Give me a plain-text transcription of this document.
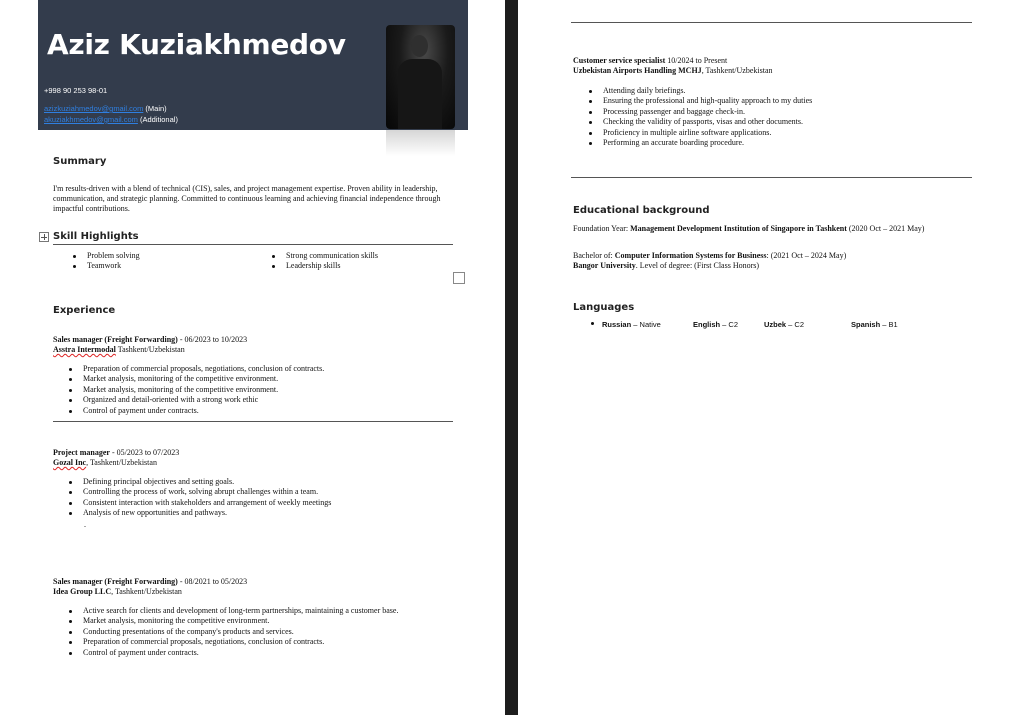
Aziz Kuziakhmedov
+998 90 253 98-01
azizkuziahmedov@gmail.com (Main)
akuziakhmedov@gmail.com (Additional)
Summary
I'm results-driven with a blend of technical (CIS), sales, and project management expertise. Proven ability in leadership, communication, and strategic planning. Committed to continuous learning and achieving financial independence through impactful contributions.
Skill Highlights
Problem solving
Teamwork
Strong communication skills
Leadership skills
Experience
Sales manager (Freight Forwarding) - 06/2023 to 10/2023
Asstra Intermodal Tashkent/Uzbekistan
Preparation of commercial proposals, negotiations, conclusion of contracts.
Market analysis, monitoring of the competitive environment.
Market analysis, monitoring of the competitive environment.
Organized and detail-oriented with a strong work ethic
Control of payment under contracts.
Project manager - 05/2023 to 07/2023
Gozal Inc, Tashkent/Uzbekistan
Defining principal objectives and setting goals.
Controlling the process of work, solving abrupt challenges within a team.
Consistent interaction with stakeholders and arrangement of weekly meetings
Analysis of new opportunities and pathways.
.
Sales manager (Freight Forwarding) - 08/2021 to 05/2023
Idea Group LLC, Tashkent/Uzbekistan
Active search for clients and development of long-term partnerships, maintaining a customer base.
Market analysis, monitoring the competitive environment.
Conducting presentations of the company's products and services.
Preparation of commercial proposals, negotiations, conclusion of contracts.
Control of payment under contracts.
Customer service specialist 10/2024 to Present
Uzbekistan Airports Handling MCHJ, Tashkent/Uzbekistan
Attending daily briefings.
Ensuring the professional and high-quality approach to my duties
Processing passenger and baggage check-in.
Checking the validity of passports, visas and other documents.
Proficiency in multiple airline software applications.
Performing an accurate boarding procedure.
Educational background
Foundation Year: Management Development Institution of Singapore in Tashkent (2020 Oct – 2021 May)
Bachelor of: Computer Information Systems for Business: (2021 Oct – 2024 May)
Bangor University. Level of degree: (First Class Honors)
Languages
Russian – Native	English – C2	Uzbek – C2	Spanish – B1
